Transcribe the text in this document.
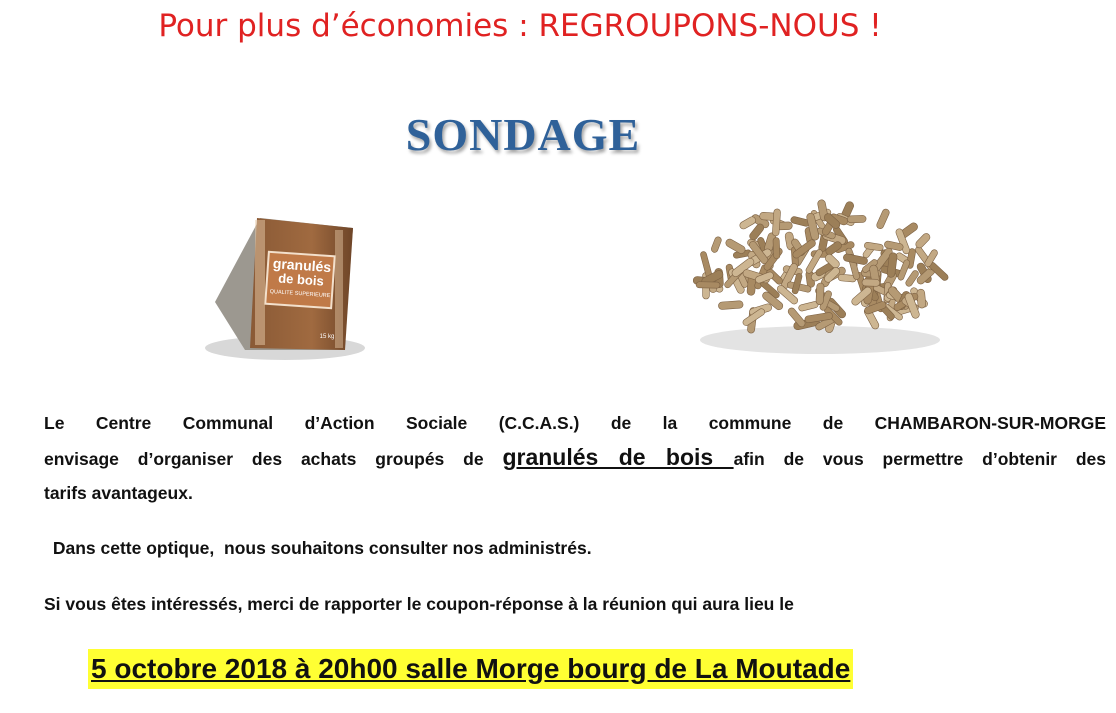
Pour plus d’économies : REGROUPONS-NOUS !
SONDAGE
granulés
de bois
QUALITE SUPERIEURE
15 kg
Le Centre Communal d’Action Sociale (C.C.A.S.) de la commune de CHAMBARON-SUR-MORGE
envisage d’organiser des achats groupés de granulés de bois afin de vous permettre d’obtenir des
tarifs avantageux.
Dans cette optique,  nous souhaitons consulter nos administrés.
Si vous êtes intéressés, merci de rapporter le coupon-réponse à la réunion qui aura lieu le
5 octobre 2018 à 20h00 salle Morge bourg de La Moutade
